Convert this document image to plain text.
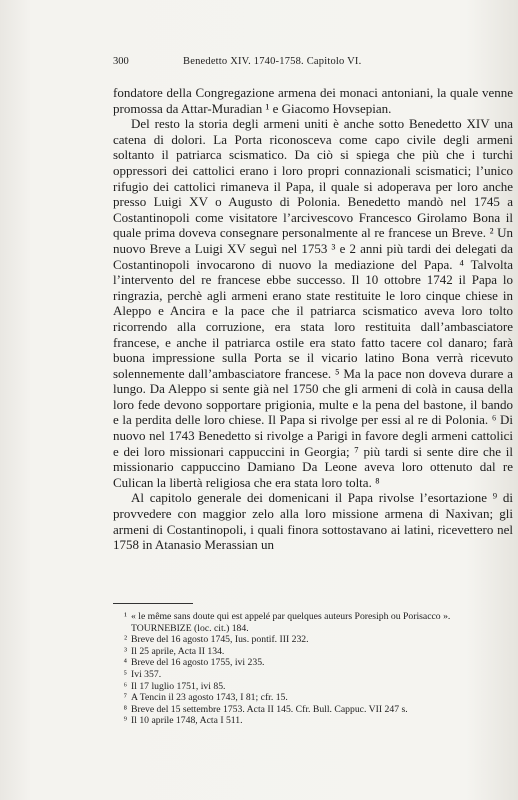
300	Benedetto XIV. 1740-1758. Capitolo VI.

fondatore della Congregazione armena dei monaci antoniani, la quale venne promossa da Attar-Muradian ¹ e Giacomo Hovsepian.

Del resto la storia degli armeni uniti è anche sotto Benedetto XIV una catena di dolori. La Porta riconosceva come capo civile degli armeni soltanto il patriarca scismatico. Da ciò si spiega che più che i turchi oppressori dei cattolici erano i loro propri connazionali scismatici; l’unico rifugio dei cattolici rimaneva il Papa, il quale si adoperava per loro anche presso Luigi XV o Augusto di Polonia. Benedetto mandò nel 1745 a Costantinopoli come visitatore l’arcivescovo Francesco Girolamo Bona il quale prima doveva consegnare personalmente al re francese un Breve. ² Un nuovo Breve a Luigi XV seguì nel 1753 ³ e 2 anni più tardi dei delegati da Costantinopoli invocarono di nuovo la mediazione del Papa. ⁴ Talvolta l’intervento del re francese ebbe successo. Il 10 ottobre 1742 il Papa lo ringrazia, perchè agli armeni erano state restituite le loro cinque chiese in Aleppo e Ancira e la pace che il patriarca scismatico aveva loro tolto ricorrendo alla corruzione, era stata loro restituita dall’ambasciatore francese, e anche il patriarca ostile era stato fatto tacere col danaro; farà buona impressione sulla Porta se il vicario latino Bona verrà ricevuto solennemente dall’ambasciatore francese. ⁵ Ma la pace non doveva durare a lungo. Da Aleppo si sente già nel 1750 che gli armeni di colà in causa della loro fede devono sopportare prigionia, multe e la pena del bastone, il bando e la perdita delle loro chiese. Il Papa si rivolge per essi al re di Polonia. ⁶ Di nuovo nel 1743 Benedetto si rivolge a Parigi in favore degli armeni cattolici e dei loro missionari cappuccini in Georgia; ⁷ più tardi si sente dire che il missionario cappuccino Damiano Da Leone aveva loro ottenuto dal re Culican la libertà religiosa che era stata loro tolta. ⁸

Al capitolo generale dei domenicani il Papa rivolse l’esortazione ⁹ di provvedere con maggior zelo alla loro missione armena di Naxivan; gli armeni di Costantinopoli, i quali finora sottostavano ai latini, ricevettero nel 1758 in Atanasio Merassian un

¹ « le même sans doute qui est appelé par quelques auteurs Poresiph ou Porisacco ». TOURNEBIZE (loc. cit.) 184.
² Breve del 16 agosto 1745, Ius. pontif. III 232.
³ Il 25 aprile, Acta II 134.
⁴ Breve del 16 agosto 1755, ivi 235.
⁵ Ivi 357.
⁶ Il 17 luglio 1751, ivi 85.
⁷ A Tencin il 23 agosto 1743, I 81; cfr. 15.
⁸ Breve del 15 settembre 1753. Acta II 145. Cfr. Bull. Cappuc. VII 247 s.
⁹ Il 10 aprile 1748, Acta I 511.
